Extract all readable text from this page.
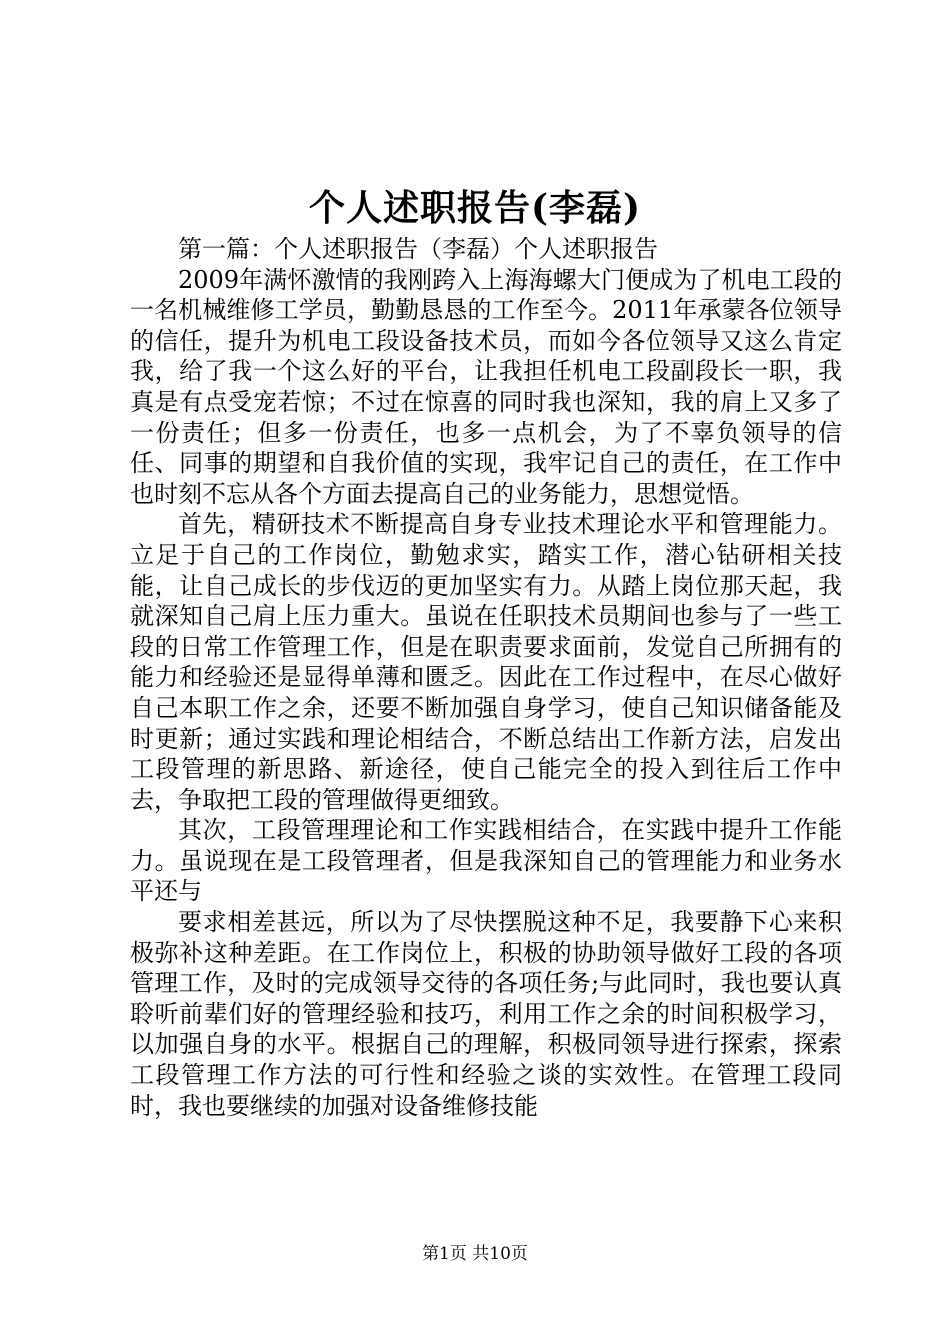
个人述职报告(李磊)

第一篇：个人述职报告（李磊）个人述职报告

2009年满怀激情的我刚跨入上海海螺大门便成为了机电工段的一名机械维修工学员，勤勤恳恳的工作至今。2011年承蒙各位领导的信任，提升为机电工段设备技术员，而如今各位领导又这么肯定我，给了我一个这么好的平台，让我担任机电工段副段长一职，我真是有点受宠若惊；不过在惊喜的同时我也深知，我的肩上又多了一份责任；但多一份责任，也多一点机会，为了不辜负领导的信任、同事的期望和自我价值的实现，我牢记自己的责任，在工作中也时刻不忘从各个方面去提高自己的业务能力，思想觉悟。

首先，精研技术不断提高自身专业技术理论水平和管理能力。立足于自己的工作岗位，勤勉求实，踏实工作，潜心钻研相关技能，让自己成长的步伐迈的更加坚实有力。从踏上岗位那天起，我就深知自己肩上压力重大。虽说在任职技术员期间也参与了一些工段的日常工作管理工作，但是在职责要求面前，发觉自己所拥有的能力和经验还是显得单薄和匮乏。因此在工作过程中，在尽心做好自己本职工作之余，还要不断加强自身学习，使自己知识储备能及时更新；通过实践和理论相结合，不断总结出工作新方法，启发出工段管理的新思路、新途径，使自己能完全的投入到往后工作中去，争取把工段的管理做得更细致。

其次，工段管理理论和工作实践相结合，在实践中提升工作能力。虽说现在是工段管理者，但是我深知自己的管理能力和业务水平还与

要求相差甚远，所以为了尽快摆脱这种不足，我要静下心来积极弥补这种差距。在工作岗位上，积极的协助领导做好工段的各项管理工作，及时的完成领导交待的各项任务;与此同时，我也要认真聆听前辈们好的管理经验和技巧，利用工作之余的时间积极学习，以加强自身的水平。根据自己的理解，积极同领导进行探索，探索工段管理工作方法的可行性和经验之谈的实效性。在管理工段同时，我也要继续的加强对设备维修技能

第1页 共10页
